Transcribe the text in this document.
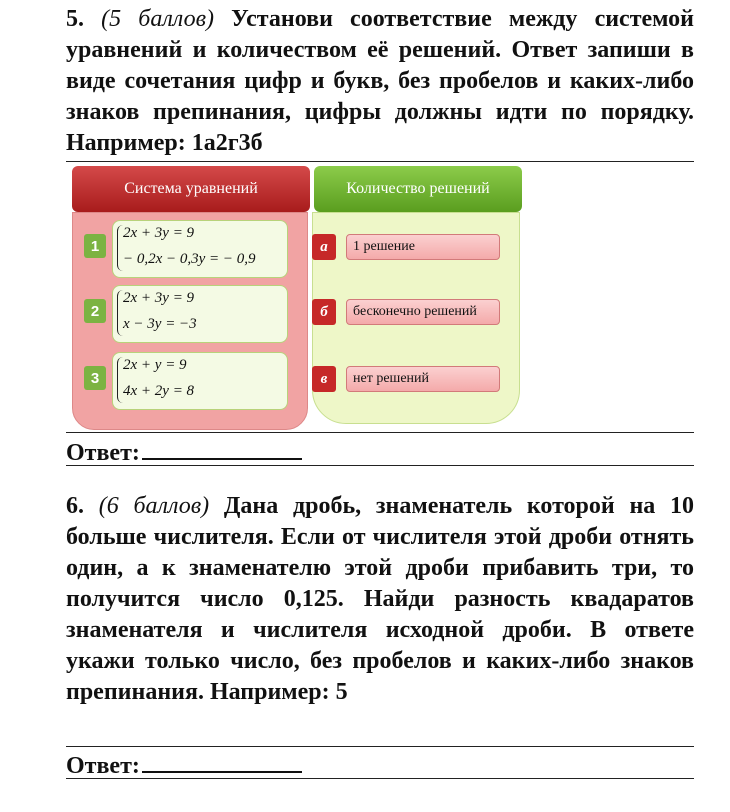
5. (5 баллов) Установи соответствие между системой уравнений и количеством её решений. Ответ запиши в виде сочетания цифр и букв, без пробелов и каких-либо знаков препинания, цифры должны идти по порядку. Например: 1а2г3б
Система уравнений	Количество решений
1
2x + 3y = 9
− 0,2x − 0,3y = − 0,9
2
2x + 3y = 9
x − 3y = −3
3
2x + y = 9
4x + 2y = 8
а	1 решение
б	бесконечно решений
в	нет решений
Ответ:
6. (6 баллов) Дана дробь, знаменатель которой на 10 больше числителя. Если от числителя этой дроби отнять один, а к знаменателю этой дроби прибавить три, то получится число 0,125. Найди разность квадаратов знаменателя и числителя исходной дроби. В ответе укажи только число, без пробелов и каких-либо знаков препинания. Например: 5
Ответ:
